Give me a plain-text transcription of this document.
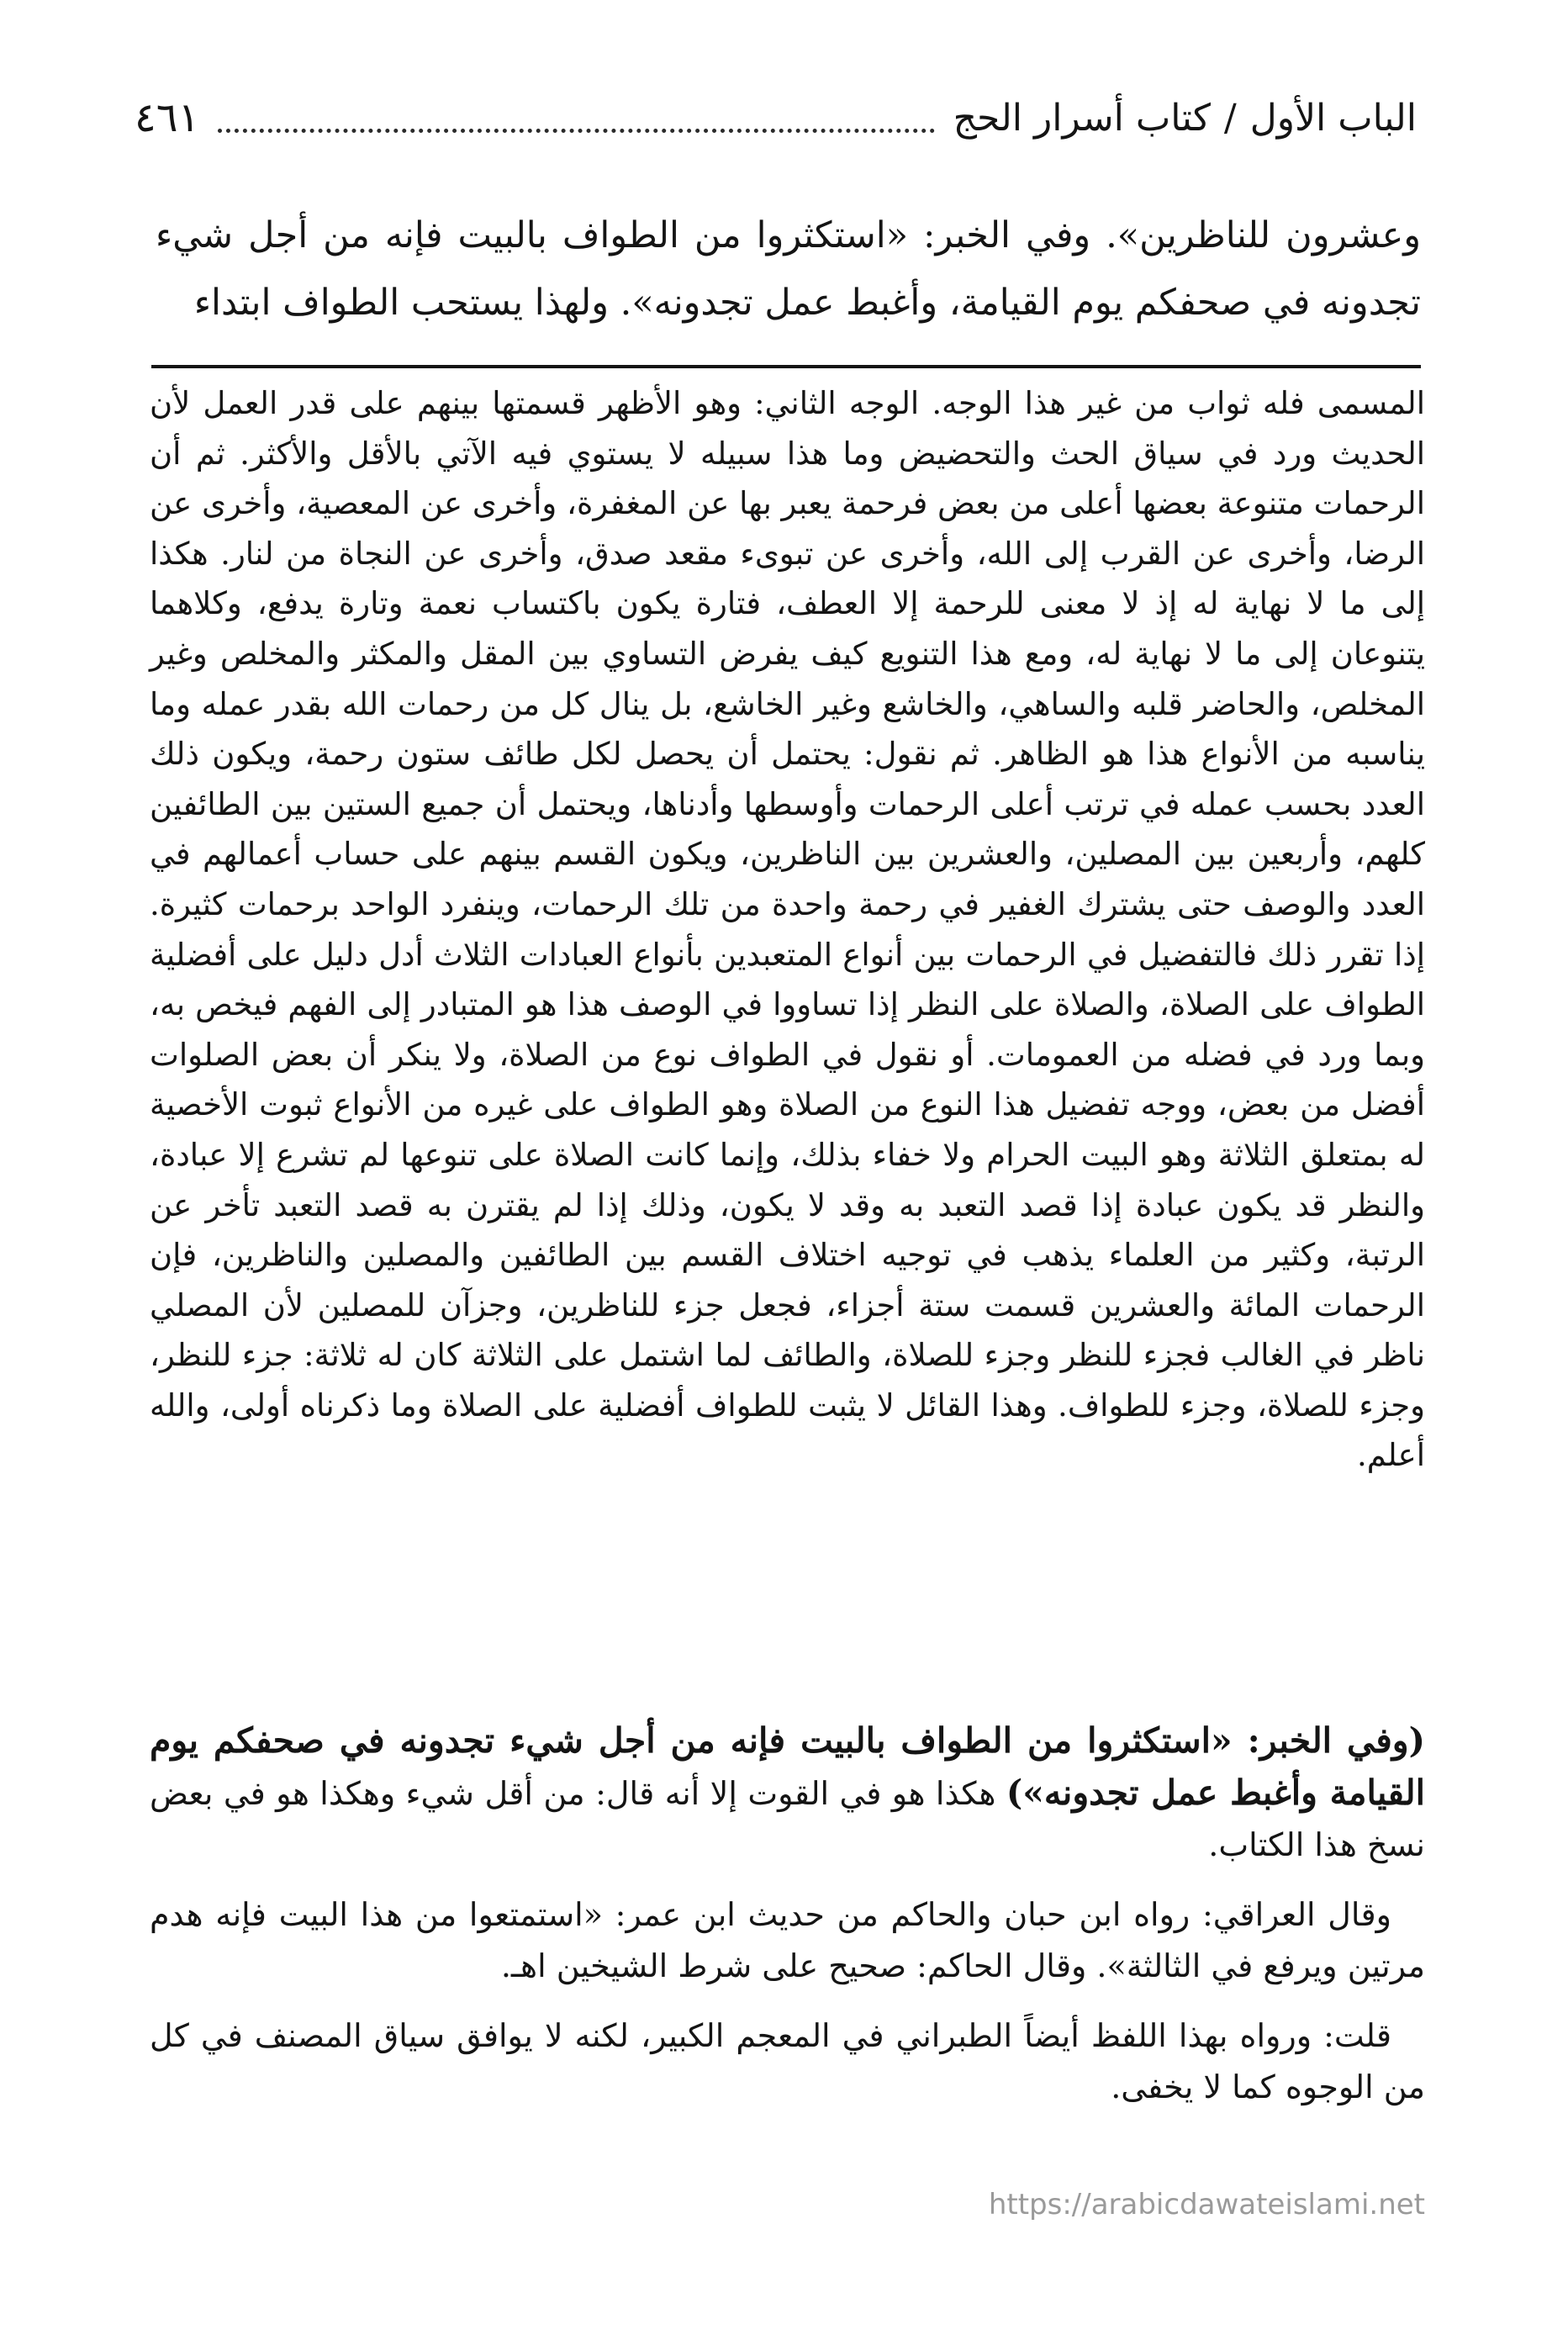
كتاب أسرار الحج / الباب الأول
٤٦١

وعشرون للناظرين». وفي الخبر: «استكثروا من الطواف بالبيت فإنه من أجل شيء تجدونه في صحفكم يوم القيامة، وأغبط عمل تجدونه». ولهذا يستحب الطواف ابتداء

المسمى فله ثواب من غير هذا الوجه. الوجه الثاني: وهو الأظهر قسمتها بينهم على قدر العمل لأن الحديث ورد في سياق الحث والتحضيض وما هذا سبيله لا يستوي فيه الآتي بالأقل والأكثر. ثم أن الرحمات متنوعة بعضها أعلى من بعض فرحمة يعبر بها عن المغفرة، وأخرى عن المعصية، وأخرى عن الرضا، وأخرى عن القرب إلى الله، وأخرى عن تبوىء مقعد صدق، وأخرى عن النجاة من لنار. هكذا إلى ما لا نهاية له إذ لا معنى للرحمة إلا العطف، فتارة يكون باكتساب نعمة وتارة يدفع، وكلاهما يتنوعان إلى ما لا نهاية له، ومع هذا التنويع كيف يفرض التساوي بين المقل والمكثر والمخلص وغير المخلص، والحاضر قلبه والساهي، والخاشع وغير الخاشع، بل ينال كل من رحمات الله بقدر عمله وما يناسبه من الأنواع هذا هو الظاهر. ثم نقول: يحتمل أن يحصل لكل طائف ستون رحمة، ويكون ذلك العدد بحسب عمله في ترتب أعلى الرحمات وأوسطها وأدناها، ويحتمل أن جميع الستين بين الطائفين كلهم، وأربعين بين المصلين، والعشرين بين الناظرين، ويكون القسم بينهم على حساب أعمالهم في العدد والوصف حتى يشترك الغفير في رحمة واحدة من تلك الرحمات، وينفرد الواحد برحمات كثيرة. إذا تقرر ذلك فالتفضيل في الرحمات بين أنواع المتعبدين بأنواع العبادات الثلاث أدل دليل على أفضلية الطواف على الصلاة، والصلاة على النظر إذا تساووا في الوصف هذا هو المتبادر إلى الفهم فيخص به، وبما ورد في فضله من العمومات. أو نقول في الطواف نوع من الصلاة، ولا ينكر أن بعض الصلوات أفضل من بعض، ووجه تفضيل هذا النوع من الصلاة وهو الطواف على غيره من الأنواع ثبوت الأخصية له بمتعلق الثلاثة وهو البيت الحرام ولا خفاء بذلك، وإنما كانت الصلاة على تنوعها لم تشرع إلا عبادة، والنظر قد يكون عبادة إذا قصد التعبد به وقد لا يكون، وذلك إذا لم يقترن به قصد التعبد تأخر عن الرتبة، وكثير من العلماء يذهب في توجيه اختلاف القسم بين الطائفين والمصلين والناظرين، فإن الرحمات المائة والعشرين قسمت ستة أجزاء، فجعل جزء للناظرين، وجزآن للمصلين لأن المصلي ناظر في الغالب فجزء للنظر وجزء للصلاة، والطائف لما اشتمل على الثلاثة كان له ثلاثة: جزء للنظر، وجزء للصلاة، وجزء للطواف. وهذا القائل لا يثبت للطواف أفضلية على الصلاة وما ذكرناه أولى، والله أعلم.

(وفي الخبر: «استكثروا من الطواف بالبيت فإنه من أجل شيء تجدونه في صحفكم يوم القيامة وأغبط عمل تجدونه») هكذا هو في القوت إلا أنه قال: من أقل شيء وهكذا هو في بعض نسخ هذا الكتاب.

وقال العراقي: رواه ابن حبان والحاكم من حديث ابن عمر: «استمتعوا من هذا البيت فإنه هدم مرتين ويرفع في الثالثة». وقال الحاكم: صحيح على شرط الشيخين اهـ.

قلت: ورواه بهذا اللفظ أيضاً الطبراني في المعجم الكبير، لكنه لا يوافق سياق المصنف في كل من الوجوه كما لا يخفى.

https://arabicdawateislami.net
